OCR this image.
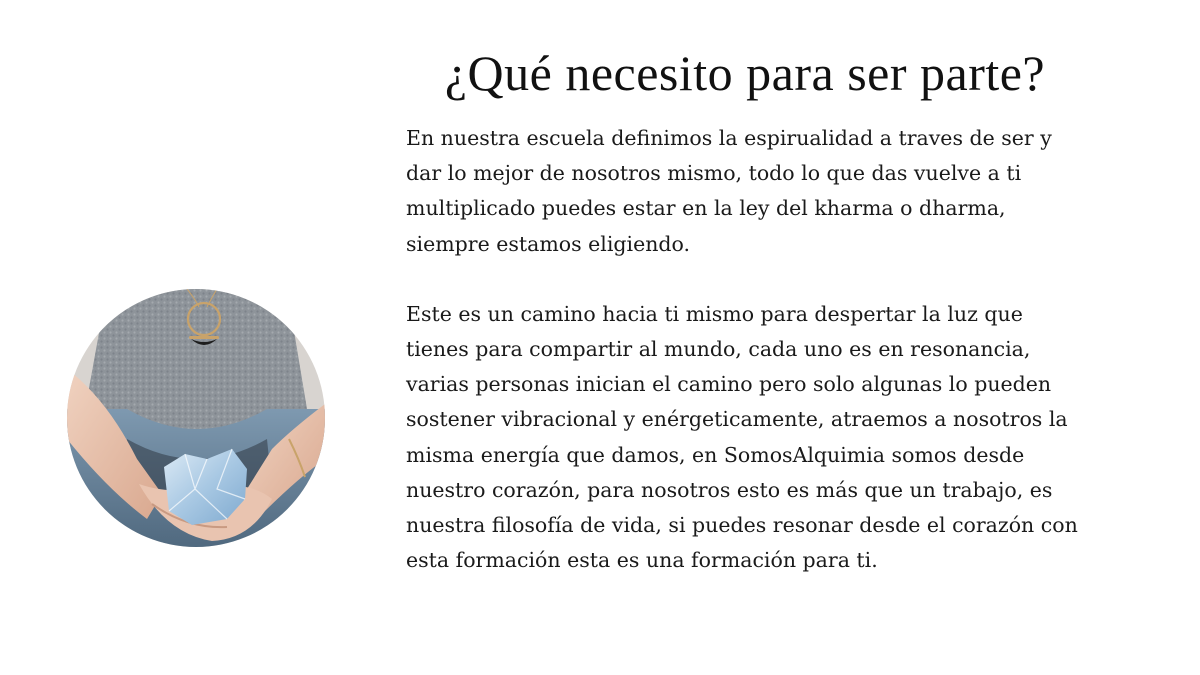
¿Qué necesito para ser parte?

En nuestra escuela definimos la espirualidad a traves de ser y
dar lo mejor de nosotros mismo, todo lo que das vuelve a ti
multiplicado puedes estar en la ley del kharma o dharma,
siempre estamos eligiendo.

Este es un camino hacia ti mismo para despertar la luz que
tienes para compartir al mundo, cada uno es en resonancia,
varias personas inician el camino pero solo algunas lo pueden
sostener vibracional y enérgeticamente, atraemos a nosotros la
misma energía que damos, en SomosAlquimia somos desde
nuestro corazón, para nosotros esto es más que un trabajo, es
nuestra filosofía de vida, si puedes resonar desde el corazón con
esta formación esta es una formación para ti.
